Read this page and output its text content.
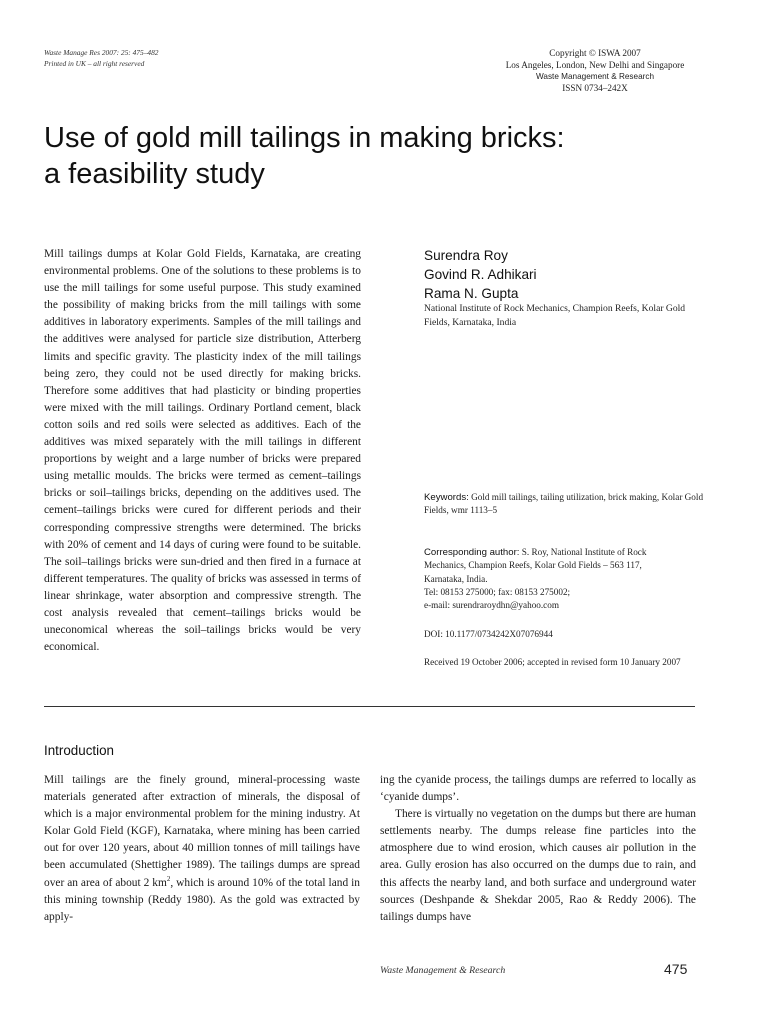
Waste Manage Res 2007: 25: 475–482
Printed in UK – all right reserved
Copyright © ISWA 2007
Los Angeles, London, New Delhi and Singapore
Waste Management & Research
ISSN 0734–242X
Use of gold mill tailings in making bricks:
a feasibility study
Mill tailings dumps at Kolar Gold Fields, Karnataka, are creating environmental problems. One of the solutions to these problems is to use the mill tailings for some useful purpose. This study examined the possibility of making bricks from the mill tailings with some additives in laboratory experiments. Samples of the mill tailings and the additives were analysed for particle size distribution, Atterberg limits and specific gravity. The plasticity index of the mill tailings being zero, they could not be used directly for making bricks. Therefore some additives that had plasticity or binding properties were mixed with the mill tailings. Ordinary Portland cement, black cotton soils and red soils were selected as additives. Each of the additives was mixed separately with the mill tailings in different proportions by weight and a large number of bricks were prepared using metallic moulds. The bricks were termed as cement–tailings bricks or soil–tailings bricks, depending on the additives used. The cement–tailings bricks were cured for different periods and their corresponding compressive strengths were determined. The bricks with 20% of cement and 14 days of curing were found to be suitable. The soil–tailings bricks were sun-dried and then fired in a furnace at different temperatures. The quality of bricks was assessed in terms of linear shrinkage, water absorption and compressive strength. The cost analysis revealed that cement–tailings bricks would be uneconomical whereas the soil–tailings bricks would be very economical.
Surendra Roy
Govind R. Adhikari
Rama N. Gupta
National Institute of Rock Mechanics, Champion Reefs, Kolar Gold Fields, Karnataka, India
Keywords: Gold mill tailings, tailing utilization, brick making, Kolar Gold Fields, wmr 1113–5
Corresponding author: S. Roy, National Institute of Rock
Mechanics, Champion Reefs, Kolar Gold Fields – 563 117,
Karnataka, India.
Tel: 08153 275000; fax: 08153 275002;
e-mail: surendraroydhn@yahoo.com
DOI: 10.1177/0734242X07076944
Received 19 October 2006; accepted in revised form 10 January 2007
Introduction

Mill tailings are the finely ground, mineral-processing waste materials generated after extraction of minerals, the disposal of which is a major environmental problem for the mining industry. At Kolar Gold Field (KGF), Karnataka, where mining has been carried out for over 120 years, about 40 million tonnes of mill tailings have been accumulated (Shettigher 1989). The tailings dumps are spread over an area of about 2 $km^2$, which is around 10% of the total land in this mining township (Reddy 1980). As the gold was extracted by apply-

ing the cyanide process, the tailings dumps are referred to locally as ‘cyanide dumps’.

There is virtually no vegetation on the dumps but there are human settlements nearby. The dumps release fine particles into the atmosphere due to wind erosion, which causes air pollution in the area. Gully erosion has also occurred on the dumps due to rain, and this affects the nearby land, and both surface and underground water sources (Deshpande & Shekdar 2005, Rao & Reddy 2006). The tailings dumps have

Waste Management & Research	475
